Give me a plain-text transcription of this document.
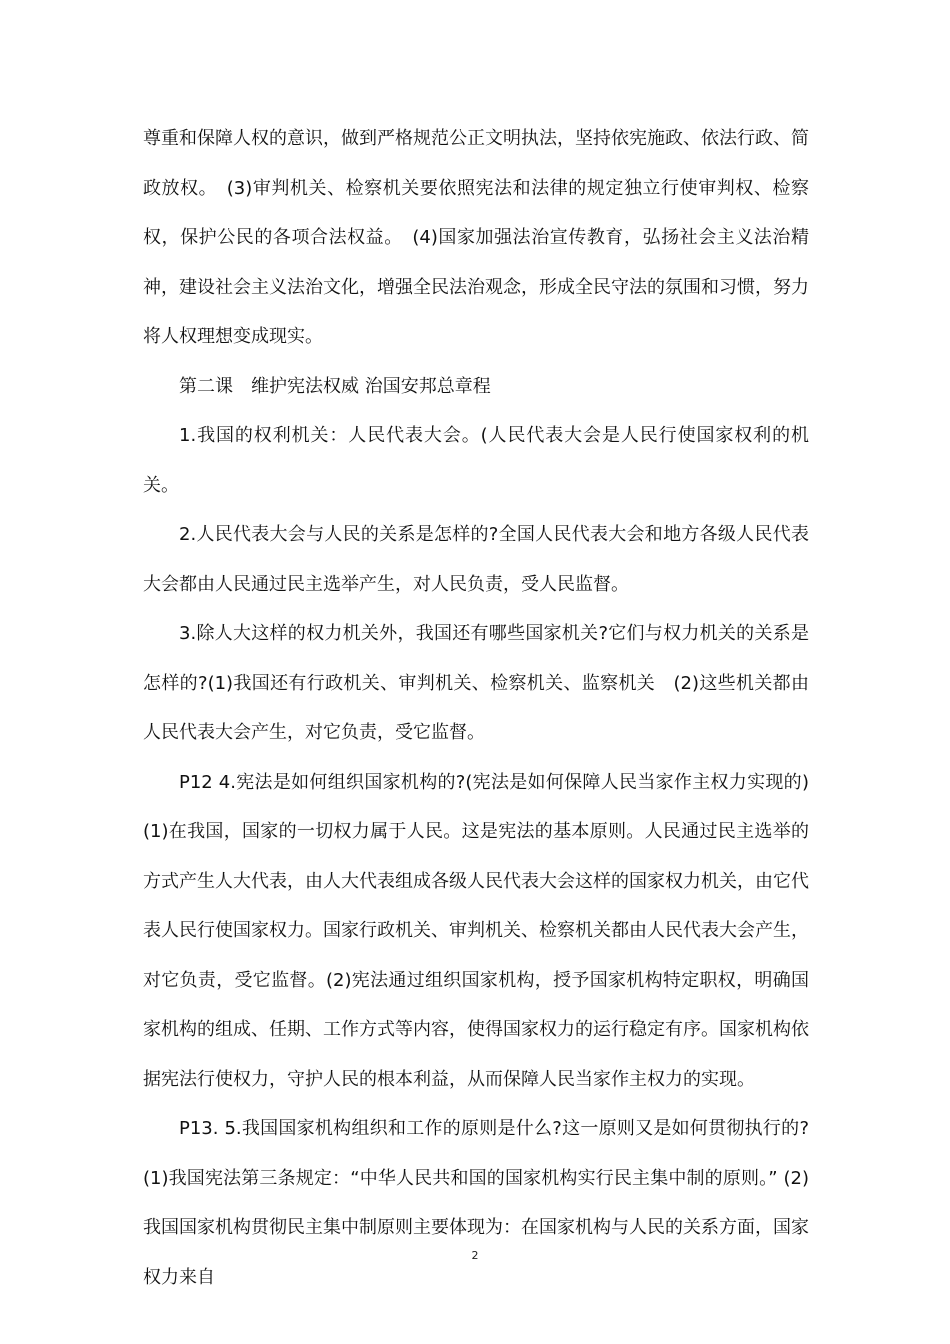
尊重和保障人权的意识，做到严格规范公正文明执法，坚持依宪施政、依法行政、简政放权。　(3)审判机关、检察机关要依照宪法和法律的规定独立行使审判权、检察权，保护公民的各项合法权益。　(4)国家加强法治宣传教育，弘扬社会主义法治精神，建设社会主义法治文化，增强全民法治观念，形成全民守法的氛围和习惯，努力将人权理想变成现实。

第二课　维护宪法权威 治国安邦总章程

1.我国的权利机关：人民代表大会。(人民代表大会是人民行使国家权利的机关。

2.人民代表大会与人民的关系是怎样的?全国人民代表大会和地方各级人民代表大会都由人民通过民主选举产生，对人民负责，受人民监督。

3.除人大这样的权力机关外，我国还有哪些国家机关?它们与权力机关的关系是怎样的?(1)我国还有行政机关、审判机关、检察机关、监察机关　(2)这些机关都由人民代表大会产生，对它负责，受它监督。

P12 4.宪法是如何组织国家机构的?(宪法是如何保障人民当家作主权力实现的)(1)在我国，国家的一切权力属于人民。这是宪法的基本原则。人民通过民主选举的方式产生人大代表，由人大代表组成各级人民代表大会这样的国家权力机关，由它代表人民行使国家权力。国家行政机关、审判机关、检察机关都由人民代表大会产生，对它负责，受它监督。(2)宪法通过组织国家机构，授予国家机构特定职权，明确国家机构的组成、任期、工作方式等内容，使得国家权力的运行稳定有序。国家机构依据宪法行使权力，守护人民的根本利益，从而保障人民当家作主权力的实现。

P13. 5.我国国家机构组织和工作的原则是什么?这一原则又是如何贯彻执行的?(1)我国宪法第三条规定：“中华人民共和国的国家机构实行民主集中制的原则。” (2)我国国家机构贯彻民主集中制原则主要体现为：在国家机构与人民的关系方面，国家权力来自

2
